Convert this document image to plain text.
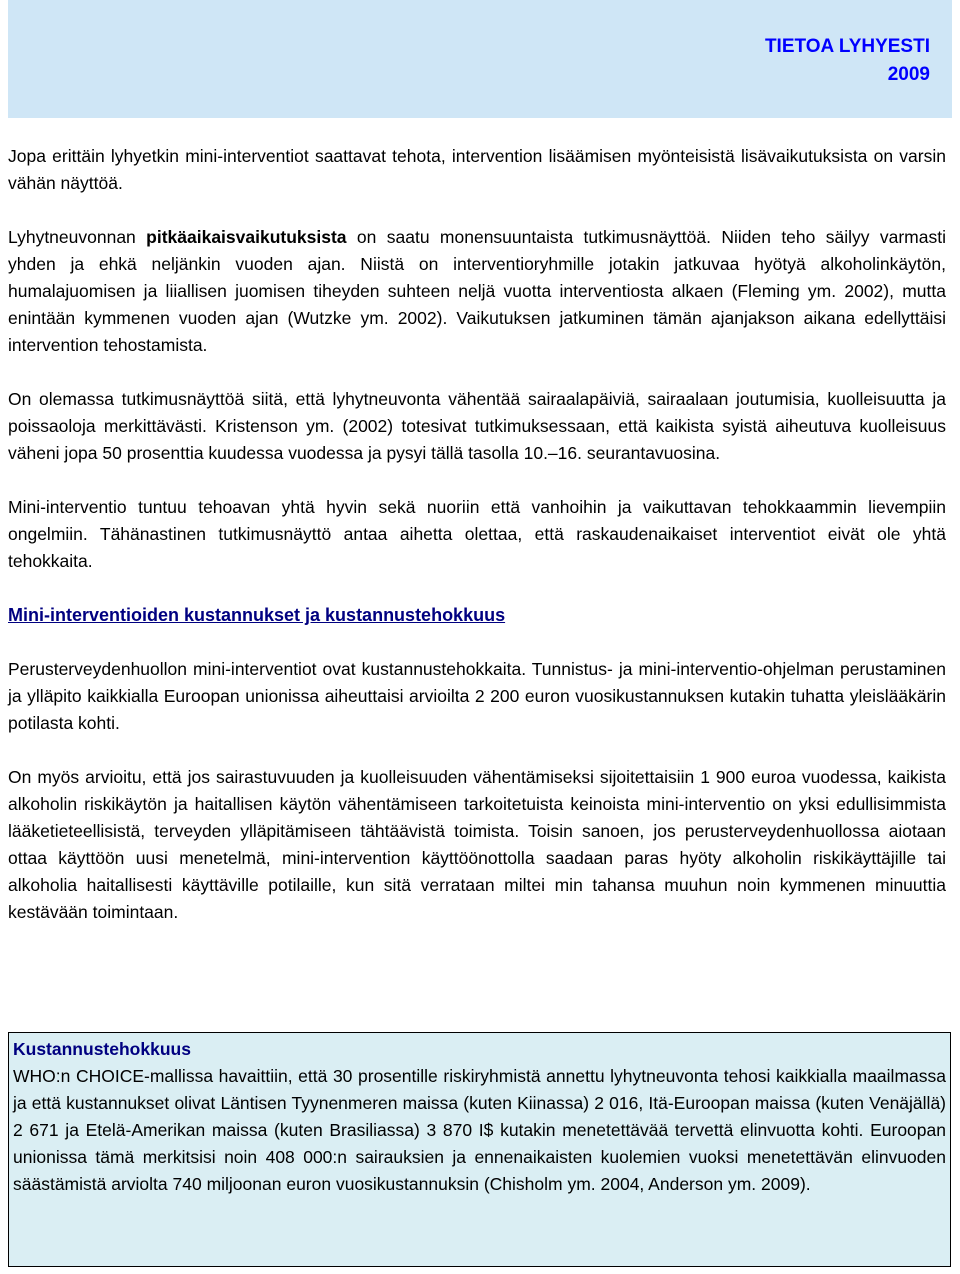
TIETOA LYHYESTI
2009

Jopa erittäin lyhyetkin mini-interventiot saattavat tehota, intervention lisäämisen myönteisistä lisävaikutuksista on varsin vähän näyttöä.

Lyhytneuvonnan pitkäaikaisvaikutuksista on saatu monensuuntaista tutkimusnäyttöä. Niiden teho säilyy varmasti yhden ja ehkä neljänkin vuoden ajan. Niistä on interventioryhmille jotakin jatkuvaa hyötyä alkoholinkäytön, humalajuomisen ja liiallisen juomisen tiheyden suhteen neljä vuotta interventiosta alkaen (Fleming ym. 2002), mutta enintään kymmenen vuoden ajan (Wutzke ym. 2002). Vaikutuksen jatkuminen tämän ajanjakson aikana edellyttäisi intervention tehostamista.

On olemassa tutkimusnäyttöä siitä, että lyhytneuvonta vähentää sairaalapäiviä, sairaalaan joutumisia, kuolleisuutta ja poissaoloja merkittävästi. Kristenson ym. (2002) totesivat tutkimuksessaan, että kaikista syistä aiheutuva kuolleisuus väheni jopa 50 prosenttia kuudessa vuodessa ja pysyi tällä tasolla 10.–16. seurantavuosina.

Mini-interventio tuntuu tehoavan yhtä hyvin sekä nuoriin että vanhoihin ja vaikuttavan tehokkaammin lievempiin ongelmiin. Tähänastinen tutkimusnäyttö antaa aihetta olettaa, että raskaudenaikaiset interventiot eivät ole yhtä tehokkaita.

Mini-interventioiden kustannukset ja kustannustehokkuus

Perusterveydenhuollon mini-interventiot ovat kustannustehokkaita. Tunnistus- ja mini-interventio-ohjelman perustaminen ja ylläpito kaikkialla Euroopan unionissa aiheuttaisi arvioilta 2 200 euron vuosikustannuksen kutakin tuhatta yleislääkärin potilasta kohti.

On myös arvioitu, että jos sairastuvuuden ja kuolleisuuden vähentämiseksi sijoitettaisiin 1 900 euroa vuodessa, kaikista alkoholin riskikäytön ja haitallisen käytön vähentämiseen tarkoitetuista keinoista mini-interventio on yksi edullisimmista lääketieteellisistä, terveyden ylläpitämiseen tähtäävistä toimista. Toisin sanoen, jos perusterveydenhuollossa aiotaan ottaa käyttöön uusi menetelmä, mini-intervention käyttöönottolla saadaan paras hyöty alkoholin riskikäyttäjille tai alkoholia haitallisesti käyttäville potilaille, kun sitä verrataan miltei min tahansa muuhun noin kymmenen minuuttia kestävään toimintaan.

Kustannustehokkuus
WHO:n CHOICE-mallissa havaittiin, että 30 prosentille riskiryhmistä annettu lyhytneuvonta tehosi kaikkialla maailmassa ja että kustannukset olivat Läntisen Tyynenmeren maissa (kuten Kiinassa) 2 016, Itä-Euroopan maissa (kuten Venäjällä) 2 671 ja Etelä-Amerikan maissa (kuten Brasiliassa) 3 870 I$ kutakin menetettävää tervettä elinvuotta kohti. Euroopan unionissa tämä merkitsisi noin 408 000:n sairauksien ja ennenaikaisten kuolemien vuoksi menetettävän elinvuoden säästämistä arviolta 740 miljoonan euron vuosikustannuksin (Chisholm ym. 2004, Anderson ym. 2009).
